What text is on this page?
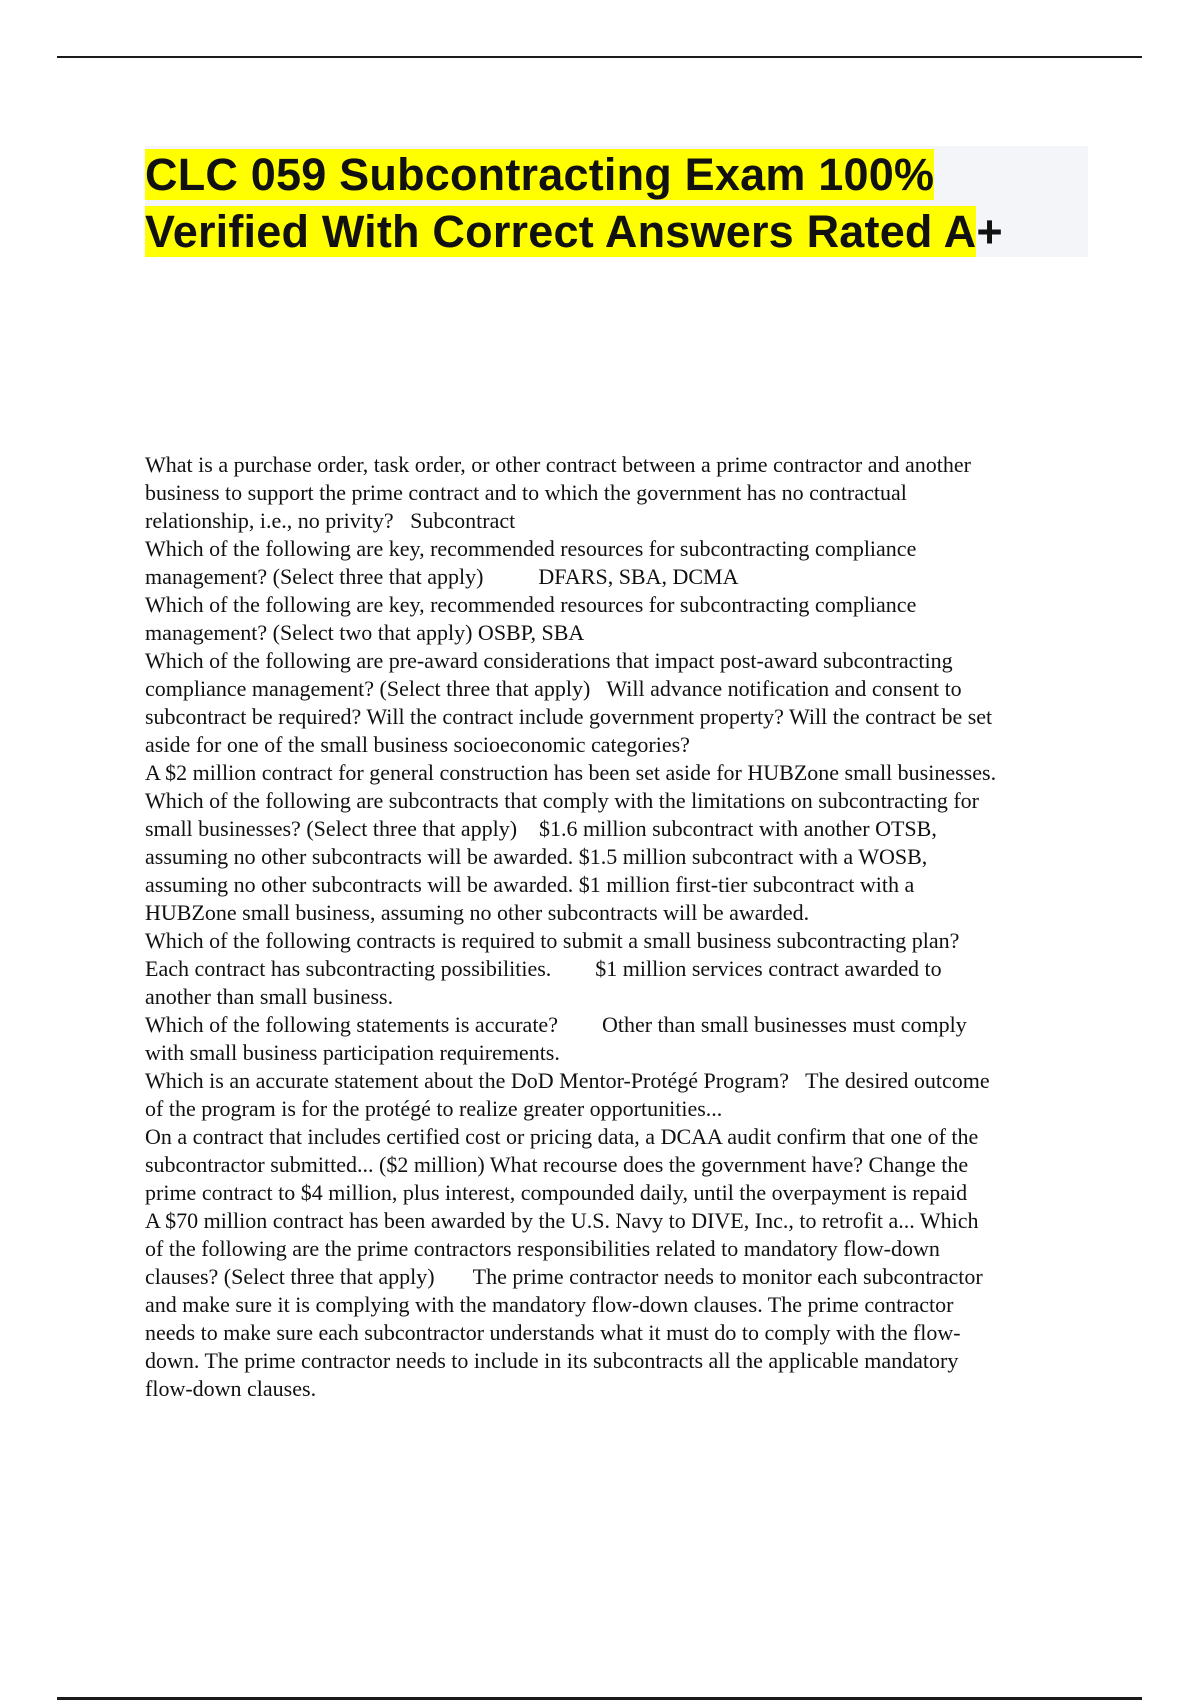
CLC 059 Subcontracting Exam 100%
Verified With Correct Answers Rated A+
What is a purchase order, task order, or other contract between a prime contractor and another
business to support the prime contract and to which the government has no contractual
relationship, i.e., no privity?   Subcontract
Which of the following are key, recommended resources for subcontracting compliance
management? (Select three that apply)          DFARS, SBA, DCMA
Which of the following are key, recommended resources for subcontracting compliance
management? (Select two that apply) OSBP, SBA
Which of the following are pre-award considerations that impact post-award subcontracting
compliance management? (Select three that apply)   Will advance notification and consent to
subcontract be required? Will the contract include government property? Will the contract be set
aside for one of the small business socioeconomic categories?
A $2 million contract for general construction has been set aside for HUBZone small businesses.
Which of the following are subcontracts that comply with the limitations on subcontracting for
small businesses? (Select three that apply)    $1.6 million subcontract with another OTSB,
assuming no other subcontracts will be awarded. $1.5 million subcontract with a WOSB,
assuming no other subcontracts will be awarded. $1 million first-tier subcontract with a
HUBZone small business, assuming no other subcontracts will be awarded.
Which of the following contracts is required to submit a small business subcontracting plan?
Each contract has subcontracting possibilities.        $1 million services contract awarded to
another than small business.
Which of the following statements is accurate?        Other than small businesses must comply
with small business participation requirements.
Which is an accurate statement about the DoD Mentor-Protégé Program?   The desired outcome
of the program is for the protégé to realize greater opportunities...
On a contract that includes certified cost or pricing data, a DCAA audit confirm that one of the
subcontractor submitted... ($2 million) What recourse does the government have? Change the
prime contract to $4 million, plus interest, compounded daily, until the overpayment is repaid
A $70 million contract has been awarded by the U.S. Navy to DIVE, Inc., to retrofit a... Which
of the following are the prime contractors responsibilities related to mandatory flow-down
clauses? (Select three that apply)       The prime contractor needs to monitor each subcontractor
and make sure it is complying with the mandatory flow-down clauses. The prime contractor
needs to make sure each subcontractor understands what it must do to comply with the flow-
down. The prime contractor needs to include in its subcontracts all the applicable mandatory
flow-down clauses.
